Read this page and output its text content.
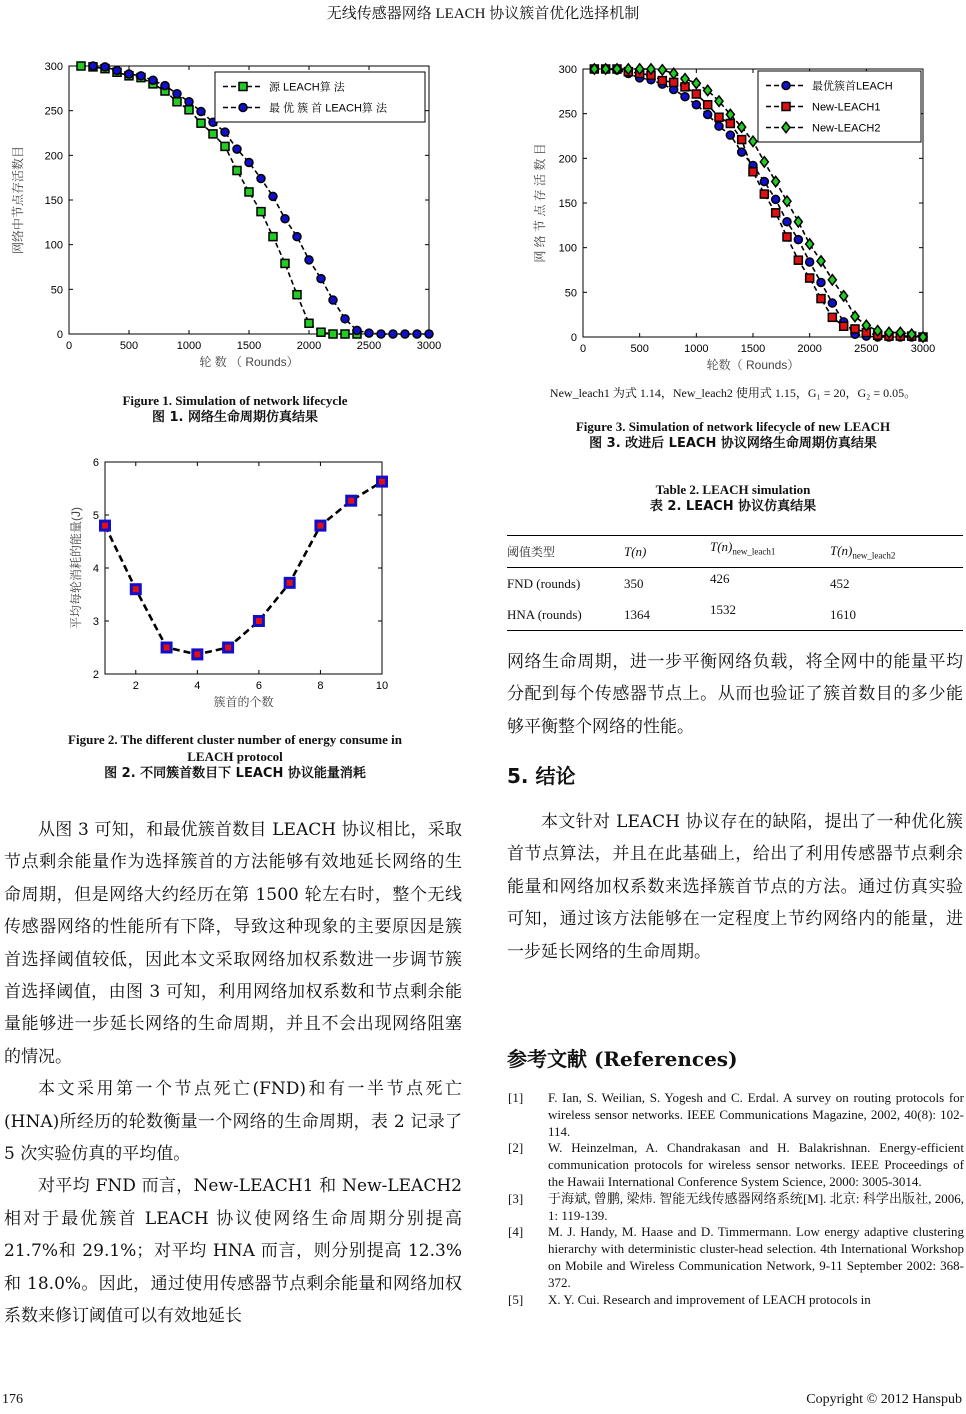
无线传感器网络 LEACH 协议簇首优化选择机制
0	500	1000	1500	2000	2500	3000
0
50
100
150
200
250
300
轮 数 （ Rounds）
网络中节点存活数目
源 LEACH算 法
最 优 簇 首 LEACH算 法
Figure 1. Simulation of network lifecycle
图 1. 网络生命周期仿真结果
2	4	6	8	10
2
3
4
5
6
簇首的个数
平均每轮消耗的能量(J)
Figure 2. The different cluster number of energy consume in
LEACH protocol
图 2. 不同簇首数目下 LEACH 协议能量消耗
0	500	1000	1500	2000	2500	3000
0
50
100
150
200
250
300
轮数（ Rounds）
网 络 节 点 存 活 数 目
最优簇首LEACH
New-LEACH1
New-LEACH2
New_leach1 为式 1.14，New_leach2 使用式 1.15，G₁ = 20，G₂ = 0.05。
Figure 3. Simulation of network lifecycle of new LEACH
图 3. 改进后 LEACH 协议网络生命周期仿真结果
Table 2. LEACH simulation
表 2. LEACH 协议仿真结果
阈值类型	T(n)	$T(n)_{new\_leach1}$	$T(n)_{new\_leach2}$
FND (rounds)	350	426	452
HNA (rounds)	1364	1532	1610

从图 3 可知，和最优簇首数目 LEACH 协议相比，采取节点剩余能量作为选择簇首的方法能够有效地延长网络的生命周期，但是网络大约经历在第 1500 轮左右时，整个无线传感器网络的性能所有下降，导致这种现象的主要原因是簇首选择阈值较低，因此本文采取网络加权系数进一步调节簇首选择阈值，由图 3 可知，利用网络加权系数和节点剩余能量能够进一步延长网络的生命周期，并且不会出现网络阻塞的情况。

本文采用第一个节点死亡(FND)和有一半节点死亡(HNA)所经历的轮数衡量一个网络的生命周期，表 2 记录了 5 次实验仿真的平均值。

对平均 FND 而言，New-LEACH1 和 New-LEACH2 相对于最优簇首 LEACH 协议使网络生命周期分别提高 21.7%和 29.1%；对平均 HNA 而言，则分别提高 12.3%和 18.0%。因此，通过使用传感器节点剩余能量和网络加权系数来修订阈值可以有效地延长

网络生命周期，进一步平衡网络负载，将全网中的能量平均分配到每个传感器节点上。从而也验证了簇首数目的多少能够平衡整个网络的性能。

5. 结论

本文针对 LEACH 协议存在的缺陷，提出了一种优化簇首节点算法，并且在此基础上，给出了利用传感器节点剩余能量和网络加权系数来选择簇首节点的方法。通过仿真实验可知，通过该方法能够在一定程度上节约网络内的能量，进一步延长网络的生命周期。

参考文献 (References)
[1]	F. Ian, S. Weilian, S. Yogesh and C. Erdal. A survey on routing protocols for wireless sensor networks. IEEE Communications Magazine, 2002, 40(8): 102-114.
[2]	W. Heinzelman, A. Chandrakasan and H. Balakrishnan. Energy-efficient communication protocols for wireless sensor networks. IEEE Proceedings of the Hawaii International Conference System Science, 2000: 3005-3014.
[3]	于海斌, 曾鹏, 梁炜. 智能无线传感器网络系统[M]. 北京: 科学出版社, 2006, 1: 119-139.
[4]	M. J. Handy, M. Haase and D. Timmermann. Low energy adaptive clustering hierarchy with deterministic cluster-head selection. 4th International Workshop on Mobile and Wireless Communication Network, 9-11 September 2002: 368-372.
[5]	X. Y. Cui. Research and improvement of LEACH protocols in
176	Copyright © 2012 Hanspub
